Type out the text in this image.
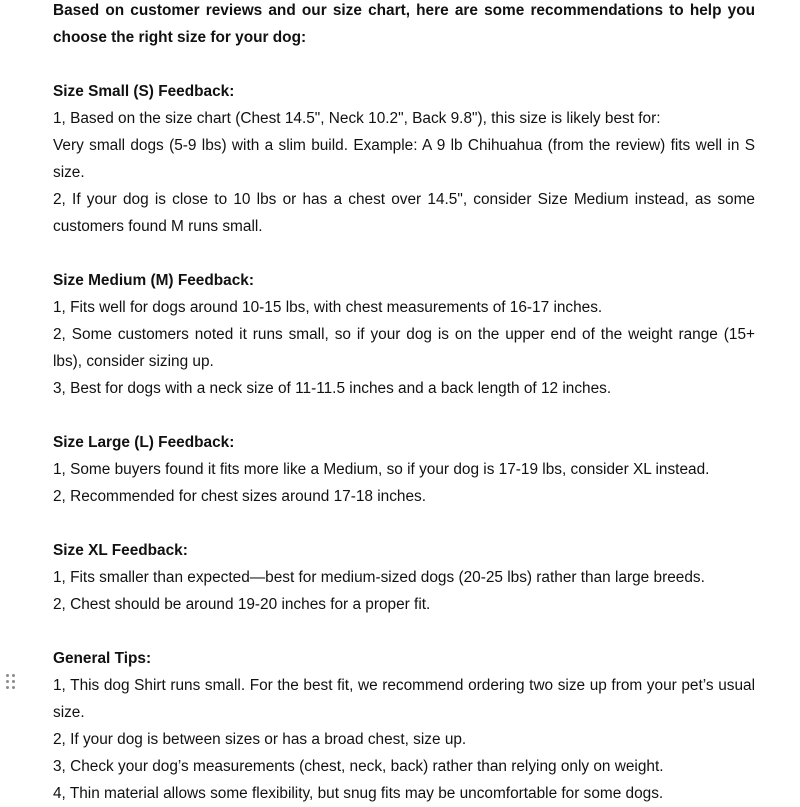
Based on customer reviews and our size chart, here are some recommendations to help you choose the right size for your dog:

Size Small (S) Feedback:

1, Based on the size chart (Chest 14.5", Neck 10.2", Back 9.8"), this size is likely best for:

Very small dogs (5-9 lbs) with a slim build. Example: A 9 lb Chihuahua (from the review) fits well in S size.

2, If your dog is close to 10 lbs or has a chest over 14.5", consider Size Medium instead, as some customers found M runs small.

Size Medium (M) Feedback:

1, Fits well for dogs around 10-15 lbs, with chest measurements of 16-17 inches.

2, Some customers noted it runs small, so if your dog is on the upper end of the weight range (15+ lbs), consider sizing up.

3, Best for dogs with a neck size of 11-11.5 inches and a back length of 12 inches.

Size Large (L) Feedback:

1, Some buyers found it fits more like a Medium, so if your dog is 17-19 lbs, consider XL instead.

2, Recommended for chest sizes around 17-18 inches.

Size XL Feedback:

1, Fits smaller than expected—best for medium-sized dogs (20-25 lbs) rather than large breeds.

2, Chest should be around 19-20 inches for a proper fit.

General Tips:

1, This dog Shirt runs small. For the best fit, we recommend ordering two size up from your pet’s usual size.

2, If your dog is between sizes or has a broad chest, size up.

3, Check your dog’s measurements (chest, neck, back) rather than relying only on weight.

4, Thin material allows some flexibility, but snug fits may be uncomfortable for some dogs.
